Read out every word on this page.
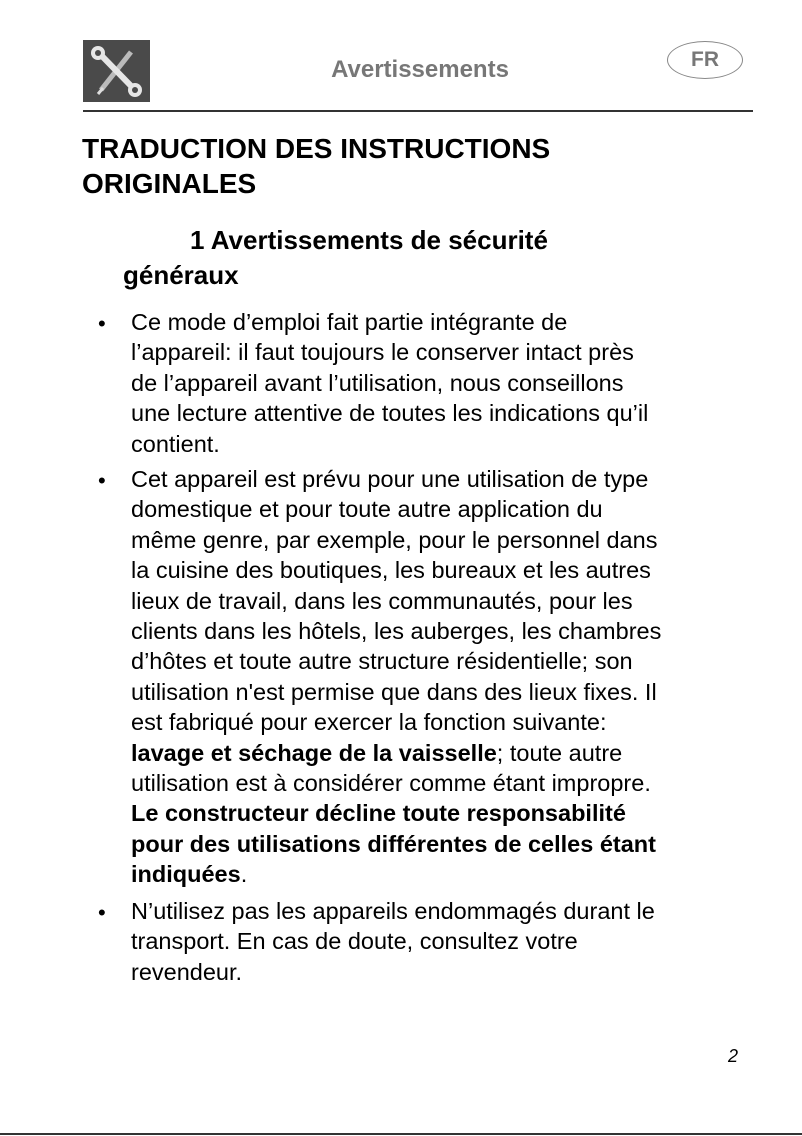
Avertissements	FR
TRADUCTION DES INSTRUCTIONS
ORIGINALES
1 Avertissements de sécurité
généraux
• Ce mode d’emploi fait partie intégrante de
l’appareil: il faut toujours le conserver intact près
de l’appareil avant l’utilisation, nous conseillons
une lecture attentive de toutes les indications qu’il
contient.
• Cet appareil est prévu pour une utilisation de type
domestique et pour toute autre application du
même genre, par exemple, pour le personnel dans
la cuisine des boutiques, les bureaux et les autres
lieux de travail, dans les communautés, pour les
clients dans les hôtels, les auberges, les chambres
d’hôtes et toute autre structure résidentielle; son
utilisation n'est permise que dans des lieux fixes. Il
est fabriqué pour exercer la fonction suivante:
lavage et séchage de la vaisselle; toute autre
utilisation est à considérer comme étant impropre.
Le constructeur décline toute responsabilité
pour des utilisations différentes de celles étant
indiquées.
• N’utilisez pas les appareils endommagés durant le
transport. En cas de doute, consultez votre
revendeur.
2
